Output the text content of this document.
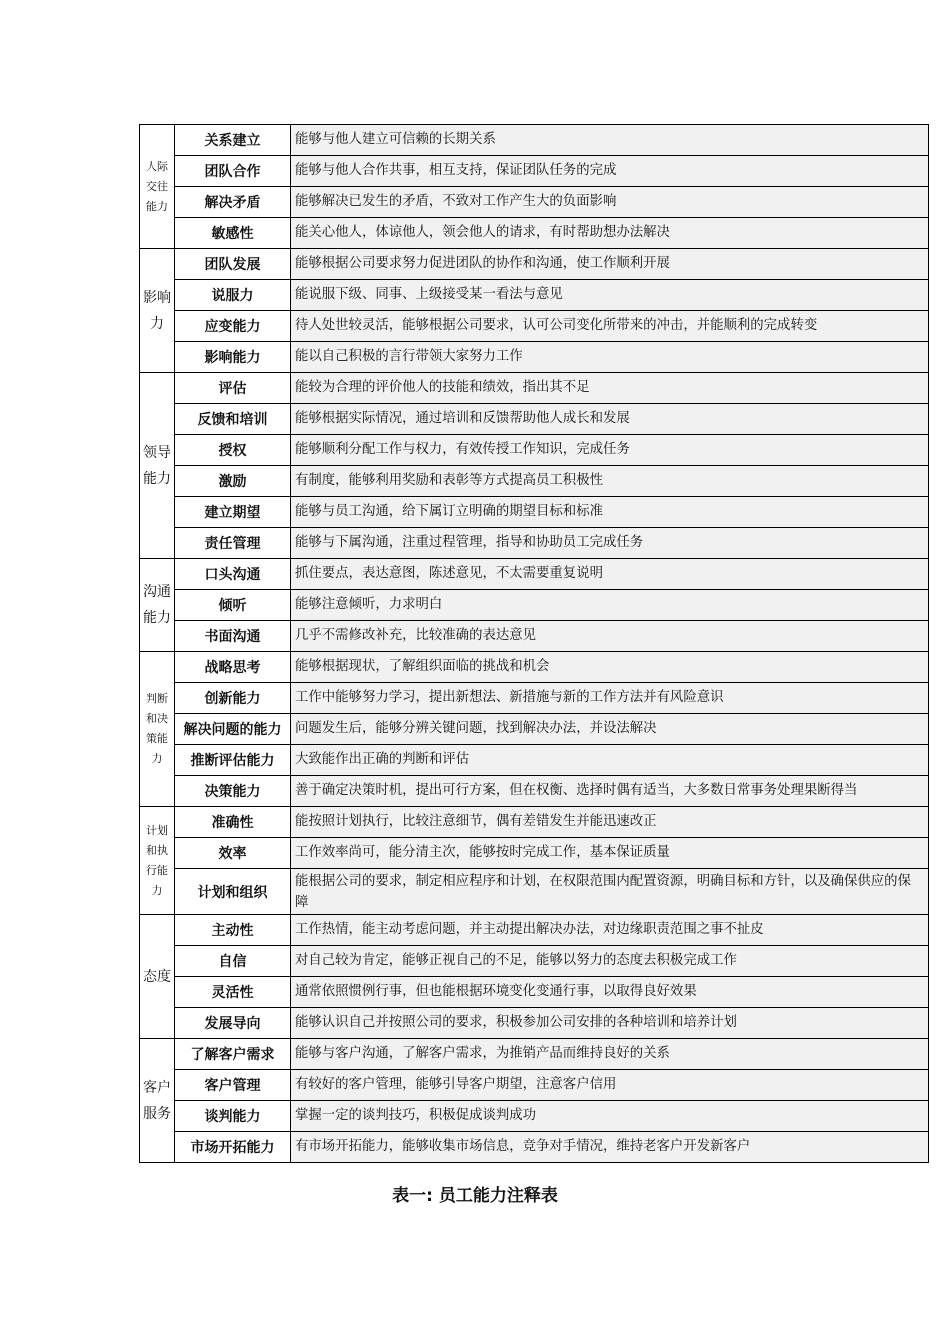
人际交往能力	关系建立	能够与他人建立可信赖的长期关系
	团队合作	能够与他人合作共事，相互支持，保证团队任务的完成
	解决矛盾	能够解决已发生的矛盾，不致对工作产生大的负面影响
	敏感性	能关心他人，体谅他人，领会他人的请求，有时帮助想办法解决
影响力	团队发展	能够根据公司要求努力促进团队的协作和沟通，使工作顺利开展
	说服力	能说服下级、同事、上级接受某一看法与意见
	应变能力	待人处世较灵活，能够根据公司要求，认可公司变化所带来的冲击，并能顺利的完成转变
	影响能力	能以自己积极的言行带领大家努力工作
领导能力	评估	能较为合理的评价他人的技能和绩效，指出其不足
	反馈和培训	能够根据实际情况，通过培训和反馈帮助他人成长和发展
	授权	能够顺利分配工作与权力，有效传授工作知识，完成任务
	激励	有制度，能够利用奖励和表彰等方式提高员工积极性
	建立期望	能够与员工沟通，给下属订立明确的期望目标和标准
	责任管理	能够与下属沟通，注重过程管理，指导和协助员工完成任务
沟通能力	口头沟通	抓住要点，表达意图，陈述意见，不太需要重复说明
	倾听	能够注意倾听，力求明白
	书面沟通	几乎不需修改补充，比较准确的表达意见
判断和决策能力	战略思考	能够根据现状，了解组织面临的挑战和机会
	创新能力	工作中能够努力学习，提出新想法、新措施与新的工作方法并有风险意识
	解决问题的能力	问题发生后，能够分辨关键问题，找到解决办法，并设法解决
	推断评估能力	大致能作出正确的判断和评估
	决策能力	善于确定决策时机，提出可行方案，但在权衡、选择时偶有适当，大多数日常事务处理果断得当
计划和执行能力	准确性	能按照计划执行，比较注意细节，偶有差错发生并能迅速改正
	效率	工作效率尚可，能分清主次，能够按时完成工作，基本保证质量
	计划和组织	能根据公司的要求，制定相应程序和计划，在权限范围内配置资源，明确目标和方针，以及确保供应的保障
态度	主动性	工作热情，能主动考虑问题，并主动提出解决办法，对边缘职责范围之事不扯皮
	自信	对自己较为肯定，能够正视自己的不足，能够以努力的态度去积极完成工作
	灵活性	通常依照惯例行事，但也能根据环境变化变通行事，以取得良好效果
	发展导向	能够认识自己并按照公司的要求，积极参加公司安排的各种培训和培养计划
客户服务	了解客户需求	能够与客户沟通，了解客户需求，为推销产品而维持良好的关系
	客户管理	有较好的客户管理，能够引导客户期望，注意客户信用
	谈判能力	掌握一定的谈判技巧，积极促成谈判成功
	市场开拓能力	有市场开拓能力，能够收集市场信息，竞争对手情况，维持老客户开发新客户
表一: 员工能力注释表
